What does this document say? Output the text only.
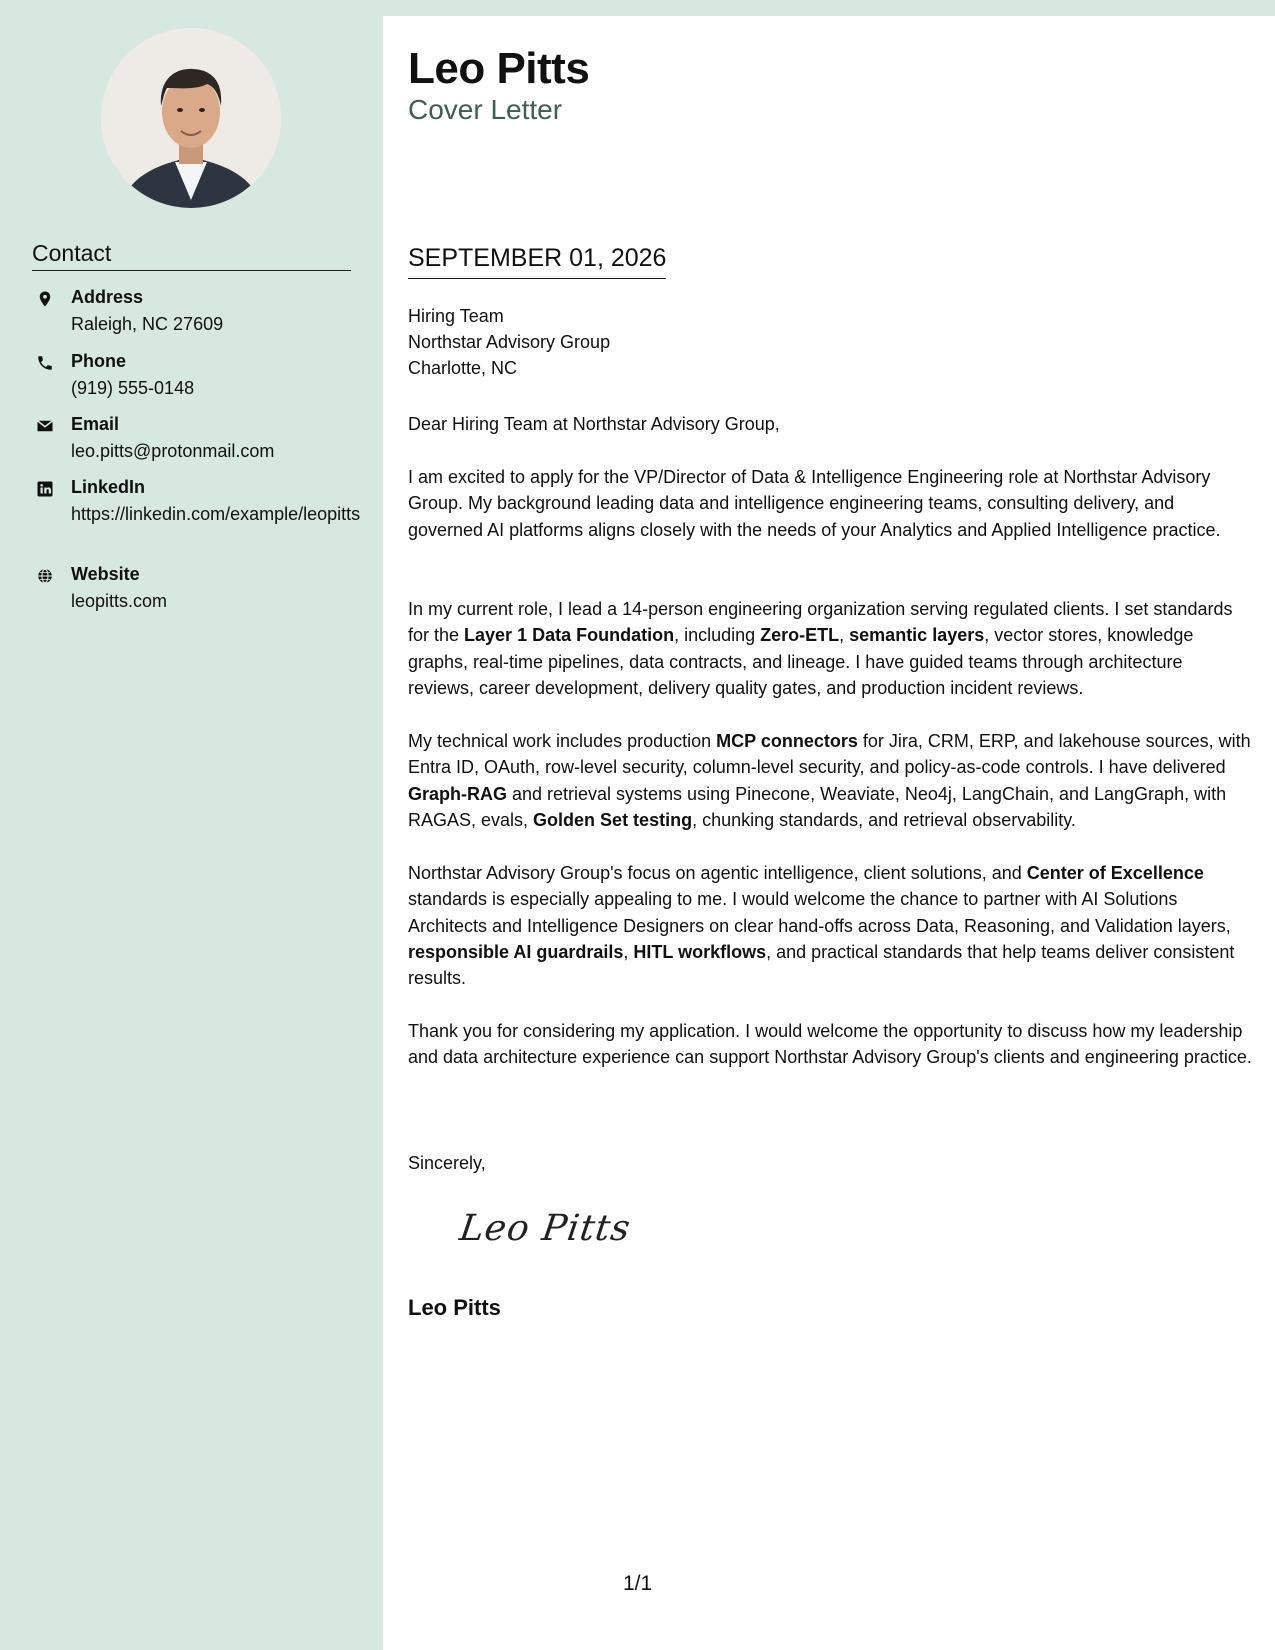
Contact
Address
Raleigh, NC 27609
Phone
(919) 555-0148
Email
leo.pitts@protonmail.com
LinkedIn
https://linkedin.com/example/leopitts
Website
leopitts.com
Leo Pitts
Cover Letter
SEPTEMBER 01, 2026
Hiring Team
Northstar Advisory Group
Charlotte, NC
Dear Hiring Team at Northstar Advisory Group,
I am excited to apply for the VP/Director of Data & Intelligence Engineering role at Northstar Advisory Group. My background leading data and intelligence engineering teams, consulting delivery, and governed AI platforms aligns closely with the needs of your Analytics and Applied Intelligence practice.
In my current role, I lead a 14-person engineering organization serving regulated clients. I set standards for the Layer 1 Data Foundation, including Zero-ETL, semantic layers, vector stores, knowledge graphs, real-time pipelines, data contracts, and lineage. I have guided teams through architecture reviews, career development, delivery quality gates, and production incident reviews.
My technical work includes production MCP connectors for Jira, CRM, ERP, and lakehouse sources, with Entra ID, OAuth, row-level security, column-level security, and policy-as-code controls. I have delivered Graph-RAG and retrieval systems using Pinecone, Weaviate, Neo4j, LangChain, and LangGraph, with RAGAS, evals, Golden Set testing, chunking standards, and retrieval observability.
Northstar Advisory Group's focus on agentic intelligence, client solutions, and Center of Excellence standards is especially appealing to me. I would welcome the chance to partner with AI Solutions Architects and Intelligence Designers on clear hand-offs across Data, Reasoning, and Validation layers, responsible AI guardrails, HITL workflows, and practical standards that help teams deliver consistent results.
Thank you for considering my application. I would welcome the opportunity to discuss how my leadership and data architecture experience can support Northstar Advisory Group's clients and engineering practice.
Sincerely,
Leo Pitts
Leo Pitts
1/1
